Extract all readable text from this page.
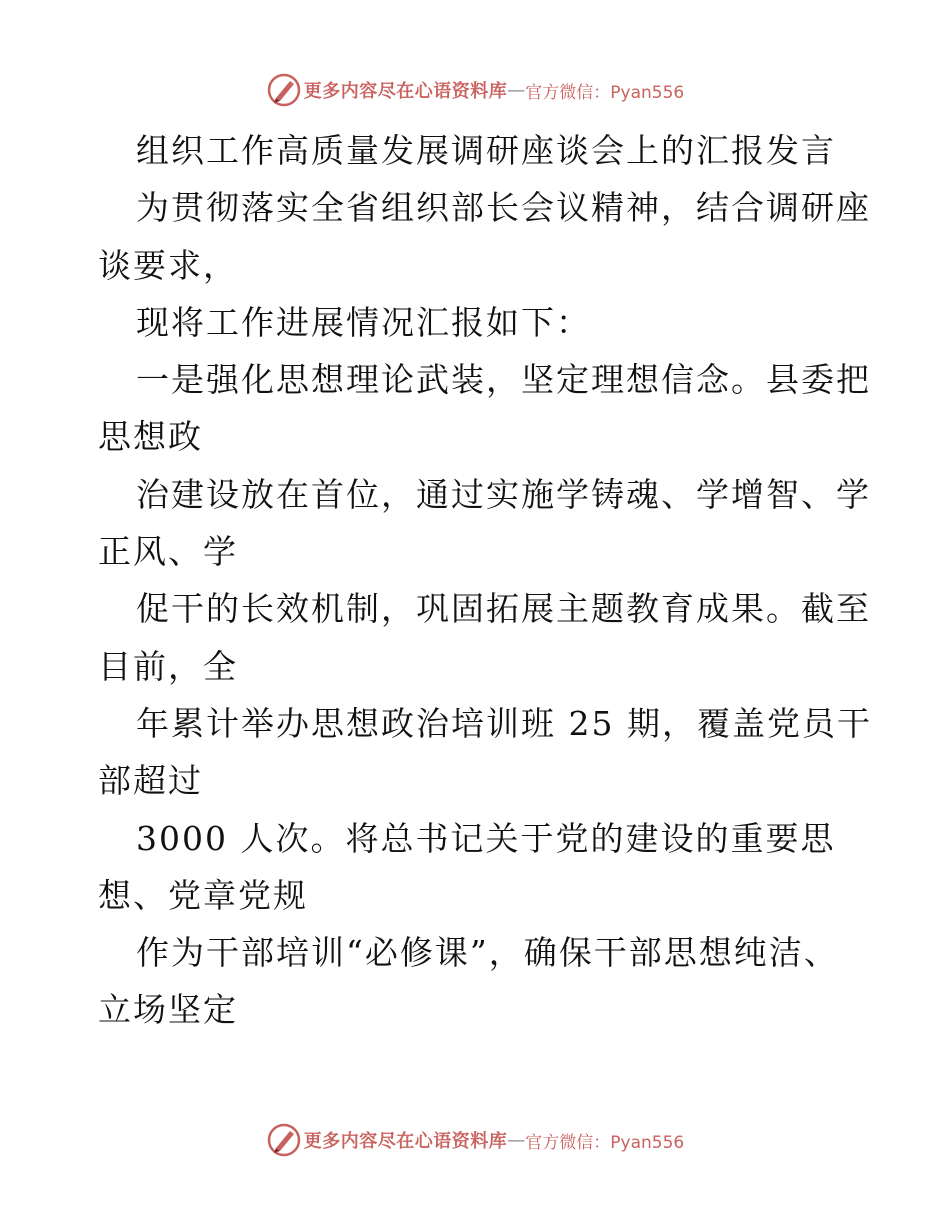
更多内容尽在心语资料库 — 官方微信：Pyan556
组织工作高质量发展调研座谈会上的汇报发言
为贯彻落实全省组织部长会议精神，结合调研座
谈要求，
现将工作进展情况汇报如下：
一是强化思想理论武装，坚定理想信念。县委把
思想政
治建设放在首位，通过实施学铸魂、学增智、学
正风、学
促干的长效机制，巩固拓展主题教育成果。截至
目前，全
年累计举办思想政治培训班 25 期，覆盖党员干
部超过
3000 人次。将总书记关于党的建设的重要思
想、党章党规
作为干部培训“必修课”，确保干部思想纯洁、
立场坚定
更多内容尽在心语资料库 — 官方微信：Pyan556
